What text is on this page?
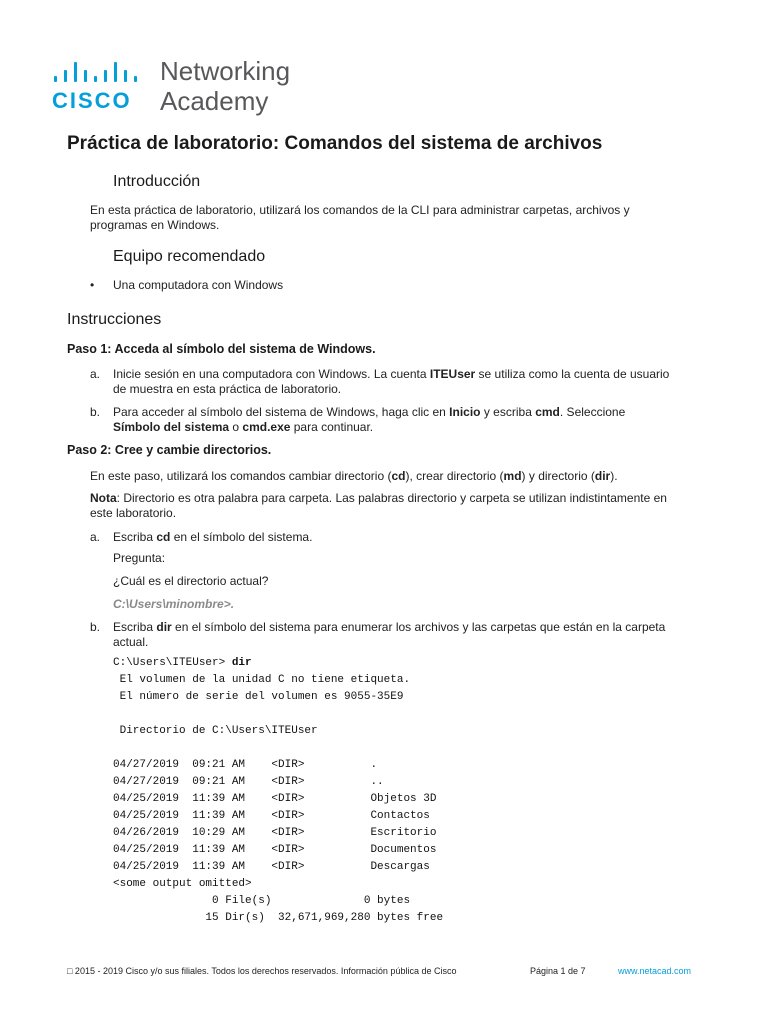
CISCO
Networking
Academy
Práctica de laboratorio: Comandos del sistema de archivos
Introducción
En esta práctica de laboratorio, utilizará los comandos de la CLI para administrar carpetas, archivos y programas en Windows.
Equipo recomendado
• Una computadora con Windows
Instrucciones
Paso 1: Acceda al símbolo del sistema de Windows.
a. Inicie sesión en una computadora con Windows. La cuenta ITEUser se utiliza como la cuenta de usuario
de muestra en esta práctica de laboratorio.
b. Para acceder al símbolo del sistema de Windows, haga clic en Inicio y escriba cmd. Seleccione
Símbolo del sistema o cmd.exe para continuar.
Paso 2: Cree y cambie directorios.
En este paso, utilizará los comandos cambiar directorio (cd), crear directorio (md) y directorio (dir).
Nota: Directorio es otra palabra para carpeta. Las palabras directorio y carpeta se utilizan indistintamente en
este laboratorio.
a. Escriba cd en el símbolo del sistema.
Pregunta:
¿Cuál es el directorio actual?
C:\Users\minombre>.
b. Escriba dir en el símbolo del sistema para enumerar los archivos y las carpetas que están en la carpeta
actual.
C:\Users\ITEUser> dir
El volumen de la unidad C no tiene etiqueta.
El número de serie del volumen es 9055-35E9
Directorio de C:\Users\ITEUser
04/27/2019  09:21 AM    <DIR>          .
04/27/2019  09:21 AM    <DIR>          ..
04/25/2019  11:39 AM    <DIR>          Objetos 3D
04/25/2019  11:39 AM    <DIR>          Contactos
04/26/2019  10:29 AM    <DIR>          Escritorio
04/25/2019  11:39 AM    <DIR>          Documentos
04/25/2019  11:39 AM    <DIR>          Descargas
<some output omitted>
0 File(s)              0 bytes
15 Dir(s)  32,671,969,280 bytes free
□ 2015 - 2019 Cisco y/o sus filiales. Todos los derechos reservados. Información pública de Cisco	Página 1 de 7	www.netacad.com
